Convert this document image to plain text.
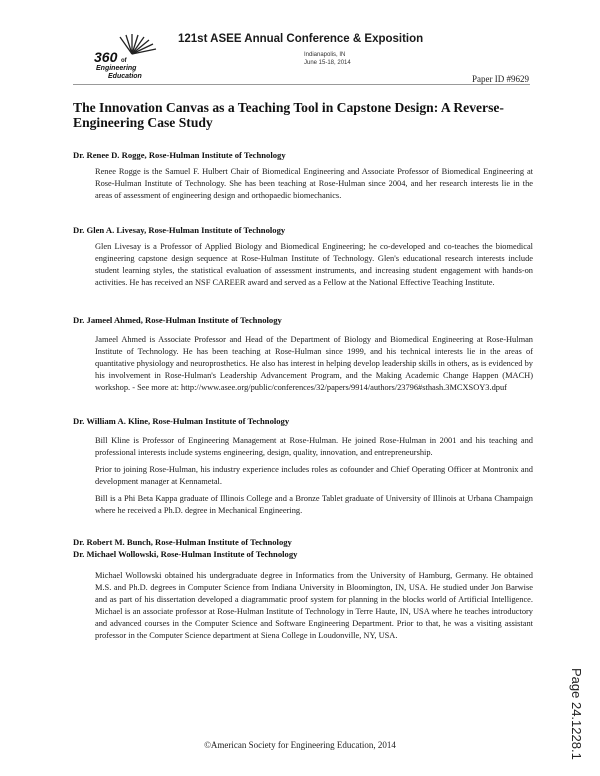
360 of
Engineering
Education
121st ASEE Annual Conference & Exposition
Indianapolis, IN
June 15-18, 2014
Paper ID #9629
The Innovation Canvas as a Teaching Tool in Capstone Design: A Reverse-Engineering Case Study
Dr. Renee D. Rogge, Rose-Hulman Institute of Technology

Renee Rogge is the Samuel F. Hulbert Chair of Biomedical Engineering and Associate Professor of Biomedical Engineering at Rose-Hulman Institute of Technology. She has been teaching at Rose-Hulman since 2004, and her research interests lie in the areas of assessment of engineering design and orthopaedic biomechanics.

Dr. Glen A. Livesay, Rose-Hulman Institute of Technology

Glen Livesay is a Professor of Applied Biology and Biomedical Engineering; he co-developed and co-teaches the biomedical engineering capstone design sequence at Rose-Hulman Institute of Technology. Glen's educational research interests include student learning styles, the statistical evaluation of assessment instruments, and increasing student engagement with hands-on activities. He has received an NSF CAREER award and served as a Fellow at the National Effective Teaching Institute.

Dr. Jameel Ahmed, Rose-Hulman Institute of Technology

Jameel Ahmed is Associate Professor and Head of the Department of Biology and Biomedical Engineering at Rose-Hulman Institute of Technology. He has been teaching at Rose-Hulman since 1999, and his technical interests lie in the areas of quantitative physiology and neuroprosthetics. He also has interest in helping develop leadership skills in others, as is evidenced by his involvement in Rose-Hulman's Leadership Advancement Program, and the Making Academic Change Happen (MACH) workshop. - See more at: http://www.asee.org/public/conferences/32/papers/9914/authors/23796#sthash.3MCXSOY3.dpuf

Dr. William A. Kline, Rose-Hulman Institute of Technology

Bill Kline is Professor of Engineering Management at Rose-Hulman. He joined Rose-Hulman in 2001 and his teaching and professional interests include systems engineering, design, quality, innovation, and entrepreneurship.

Prior to joining Rose-Hulman, his industry experience includes roles as cofounder and Chief Operating Officer at Montronix and development manager at Kennametal.

Bill is a Phi Beta Kappa graduate of Illinois College and a Bronze Tablet graduate of University of Illinois at Urbana Champaign where he received a Ph.D. degree in Mechanical Engineering.

Dr. Robert M. Bunch, Rose-Hulman Institute of Technology
Dr. Michael Wollowski, Rose-Hulman Institute of Technology

Michael Wollowski obtained his undergraduate degree in Informatics from the University of Hamburg, Germany. He obtained M.S. and Ph.D. degrees in Computer Science from Indiana University in Bloomington, IN, USA. He studied under Jon Barwise and as part of his dissertation developed a diagrammatic proof system for planning in the blocks world of Artificial Intelligence. Michael is an associate professor at Rose-Hulman Institute of Technology in Terre Haute, IN, USA where he teaches introductory and advanced courses in the Computer Science and Software Engineering Department. Prior to that, he was a visiting assistant professor in the Computer Science department at Siena College in Loudonville, NY, USA.

Page 24.1228.1
©American Society for Engineering Education, 2014
